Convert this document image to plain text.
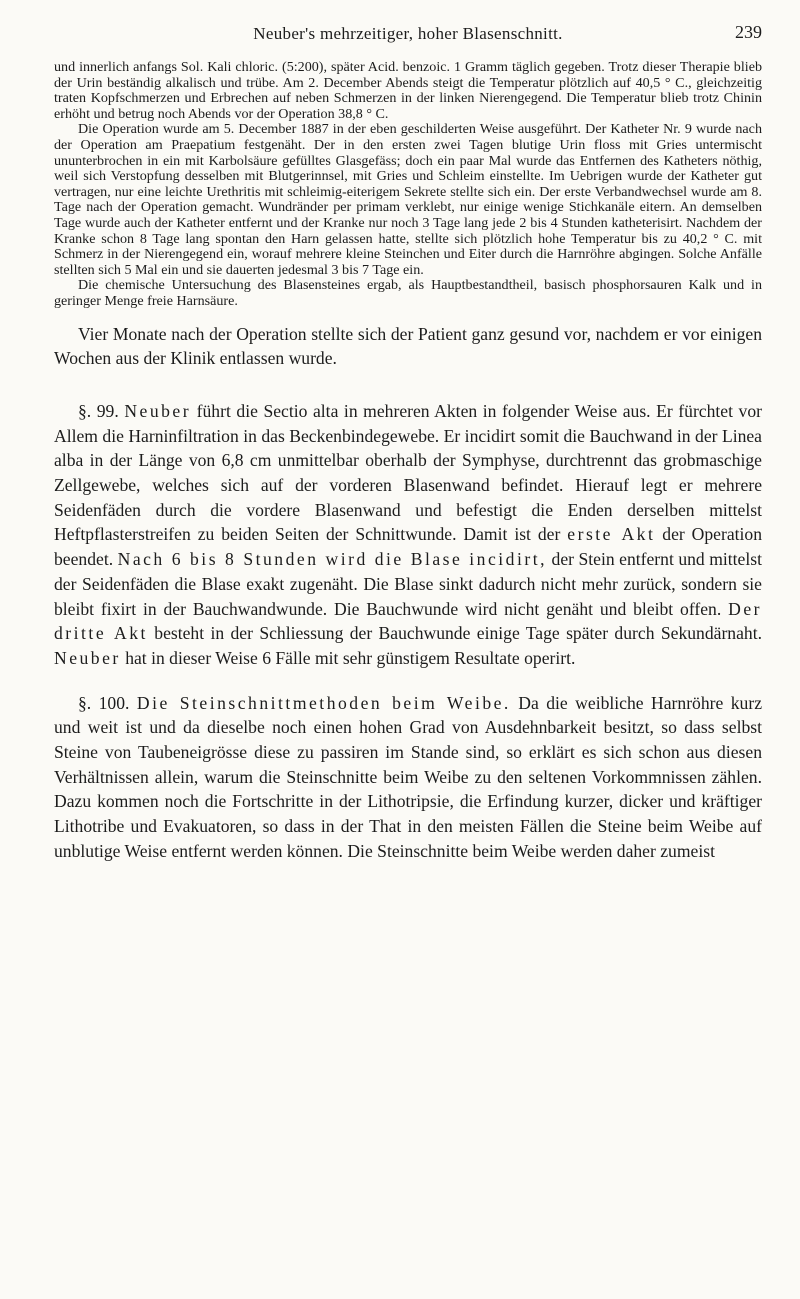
Neuber's mehrzeitiger, hoher Blasenschnitt.	239

und innerlich anfangs Sol. Kali chloric. (5:200), später Acid. benzoic. 1 Gramm täglich gegeben. Trotz dieser Therapie blieb der Urin beständig alkalisch und trübe. Am 2. December Abends steigt die Temperatur plötzlich auf 40,5 ° C., gleichzeitig traten Kopfschmerzen und Erbrechen auf neben Schmerzen in der linken Nierengegend. Die Temperatur blieb trotz Chinin erhöht und betrug noch Abends vor der Operation 38,8 ° C.

Die Operation wurde am 5. December 1887 in der eben geschilderten Weise ausgeführt. Der Katheter Nr. 9 wurde nach der Operation am Praepatium festgenäht. Der in den ersten zwei Tagen blutige Urin floss mit Gries untermischt ununterbrochen in ein mit Karbolsäure gefülltes Glasgefäss; doch ein paar Mal wurde das Entfernen des Katheters nöthig, weil sich Verstopfung desselben mit Blutgerinnsel, mit Gries und Schleim einstellte. Im Uebrigen wurde der Katheter gut vertragen, nur eine leichte Urethritis mit schleimig-eiterigem Sekrete stellte sich ein. Der erste Verbandwechsel wurde am 8. Tage nach der Operation gemacht. Wundränder per primam verklebt, nur einige wenige Stichkanäle eitern. An demselben Tage wurde auch der Katheter entfernt und der Kranke nur noch 3 Tage lang jede 2 bis 4 Stunden katheterisirt. Nachdem der Kranke schon 8 Tage lang spontan den Harn gelassen hatte, stellte sich plötzlich hohe Temperatur bis zu 40,2 ° C. mit Schmerz in der Nierengegend ein, worauf mehrere kleine Steinchen und Eiter durch die Harnröhre abgingen. Solche Anfälle stellten sich 5 Mal ein und sie dauerten jedesmal 3 bis 7 Tage ein.

Die chemische Untersuchung des Blasensteines ergab, als Hauptbestandtheil, basisch phosphorsauren Kalk und in geringer Menge freie Harnsäure.

Vier Monate nach der Operation stellte sich der Patient ganz gesund vor, nachdem er vor einigen Wochen aus der Klinik entlassen wurde.

§. 99. Neuber führt die Sectio alta in mehreren Akten in folgender Weise aus. Er fürchtet vor Allem die Harninfiltration in das Beckenbindegewebe. Er incidirt somit die Bauchwand in der Linea alba in der Länge von 6,8 cm unmittelbar oberhalb der Symphyse, durchtrennt das grobmaschige Zellgewebe, welches sich auf der vorderen Blasenwand befindet. Hierauf legt er mehrere Seidenfäden durch die vordere Blasenwand und befestigt die Enden derselben mittelst Heftpflasterstreifen zu beiden Seiten der Schnittwunde. Damit ist der erste Akt der Operation beendet. Nach 6 bis 8 Stunden wird die Blase incidirt, der Stein entfernt und mittelst der Seidenfäden die Blase exakt zugenäht. Die Blase sinkt dadurch nicht mehr zurück, sondern sie bleibt fixirt in der Bauchwandwunde. Die Bauchwunde wird nicht genäht und bleibt offen. Der dritte Akt besteht in der Schliessung der Bauchwunde einige Tage später durch Sekundärnaht. Neuber hat in dieser Weise 6 Fälle mit sehr günstigem Resultate operirt.

§. 100. Die Steinschnittmethoden beim Weibe. Da die weibliche Harnröhre kurz und weit ist und da dieselbe noch einen hohen Grad von Ausdehnbarkeit besitzt, so dass selbst Steine von Taubeneigrösse diese zu passiren im Stande sind, so erklärt es sich schon aus diesen Verhältnissen allein, warum die Steinschnitte beim Weibe zu den seltenen Vorkommnissen zählen. Dazu kommen noch die Fortschritte in der Lithotripsie, die Erfindung kurzer, dicker und kräftiger Lithotribe und Evakuatoren, so dass in der That in den meisten Fällen die Steine beim Weibe auf unblutige Weise entfernt werden können. Die Steinschnitte beim Weibe werden daher zumeist
